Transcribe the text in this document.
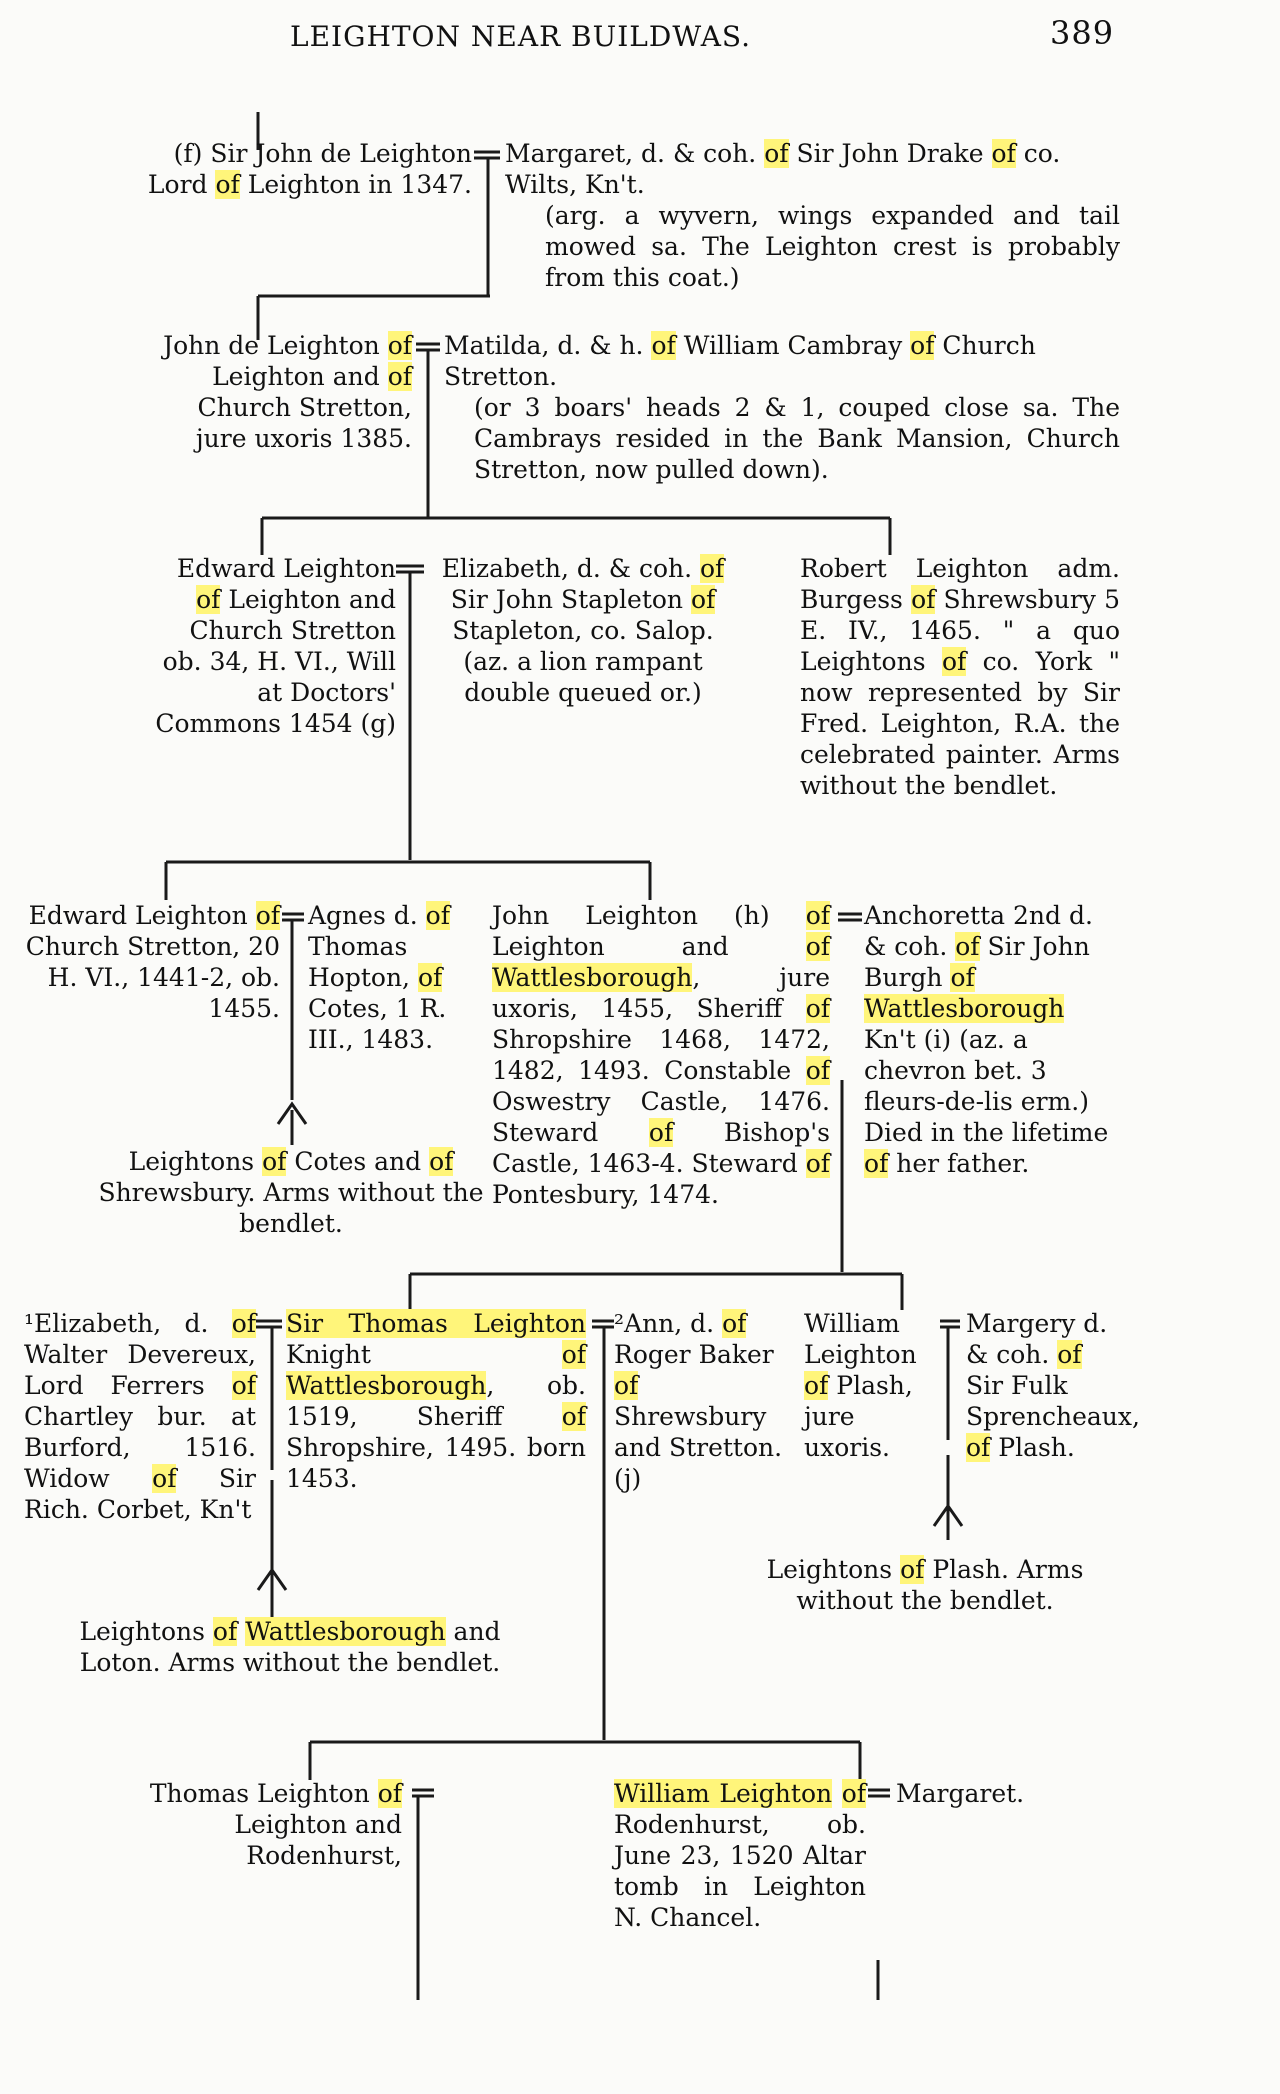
LEIGHTON NEAR BUILDWAS.	389

(f) Sir John de Leighton Lord of Leighton in 1347.

Margaret, d. & coh. of Sir John Drake of co. Wilts, Kn't.

(arg. a wyvern, wings expanded and tail mowed sa. The Leighton crest is probably from this coat.)

John de Leighton of Leighton and of Church Stretton, jure uxoris 1385.

Matilda, d. & h. of William Cambray of Church Stretton.

(or 3 boars' heads 2 & 1, couped close sa. The Cambrays resided in the Bank Mansion, Church Stretton, now pulled down).

Edward Leighton of Leighton and Church Stretton ob. 34, H. VI., Will at Doctors' Commons 1454 (g)

Elizabeth, d. & coh. of Sir John Stapleton of Stapleton, co. Salop. (az. a lion rampant double queued or.)

Robert Leighton adm. Burgess of Shrewsbury 5 E. IV., 1465. " a quo Leightons of co. York " now represented by Sir Fred. Leighton, R.A. the celebrated painter. Arms without the bendlet.

Edward Leighton of Church Stretton, 20 H. VI., 1441-2, ob. 1455.

Agnes d. of Thomas Hopton, of Cotes, 1 R. III., 1483.

John Leighton (h) of Leighton and of Wattlesborough, jure uxoris, 1455, Sheriff of Shropshire 1468, 1472, 1482, 1493. Constable of Oswestry Castle, 1476. Steward of Bishop's Castle, 1463-4. Steward of Pontesbury, 1474.

Anchoretta 2nd d. & coh. of Sir John Burgh of Wattlesborough Kn't (i) (az. a chevron bet. 3 fleurs-de-lis erm.) Died in the lifetime of her father.

Leightons of Cotes and of Shrewsbury. Arms without the bendlet.

¹Elizabeth, d. of Walter Devereux, Lord Ferrers of Chartley bur. at Burford, 1516. Widow of Sir Rich. Corbet, Kn't

Sir Thomas Leighton Knight of Wattlesborough, ob. 1519, Sheriff of Shropshire, 1495. born 1453.

²Ann, d. of Roger Baker of Shrewsbury and Stretton.(j)

William Leighton of Plash, jure uxoris.

Margery d. & coh. of Sir Fulk Sprencheaux, of Plash.

Leightons of Plash. Arms without the bendlet.

Leightons of Wattlesborough and Loton. Arms without the bendlet.

Thomas Leighton of Leighton and Rodenhurst,

William Leighton of Rodenhurst, ob. June 23, 1520 Altar tomb in Leighton N. Chancel.

Margaret.
